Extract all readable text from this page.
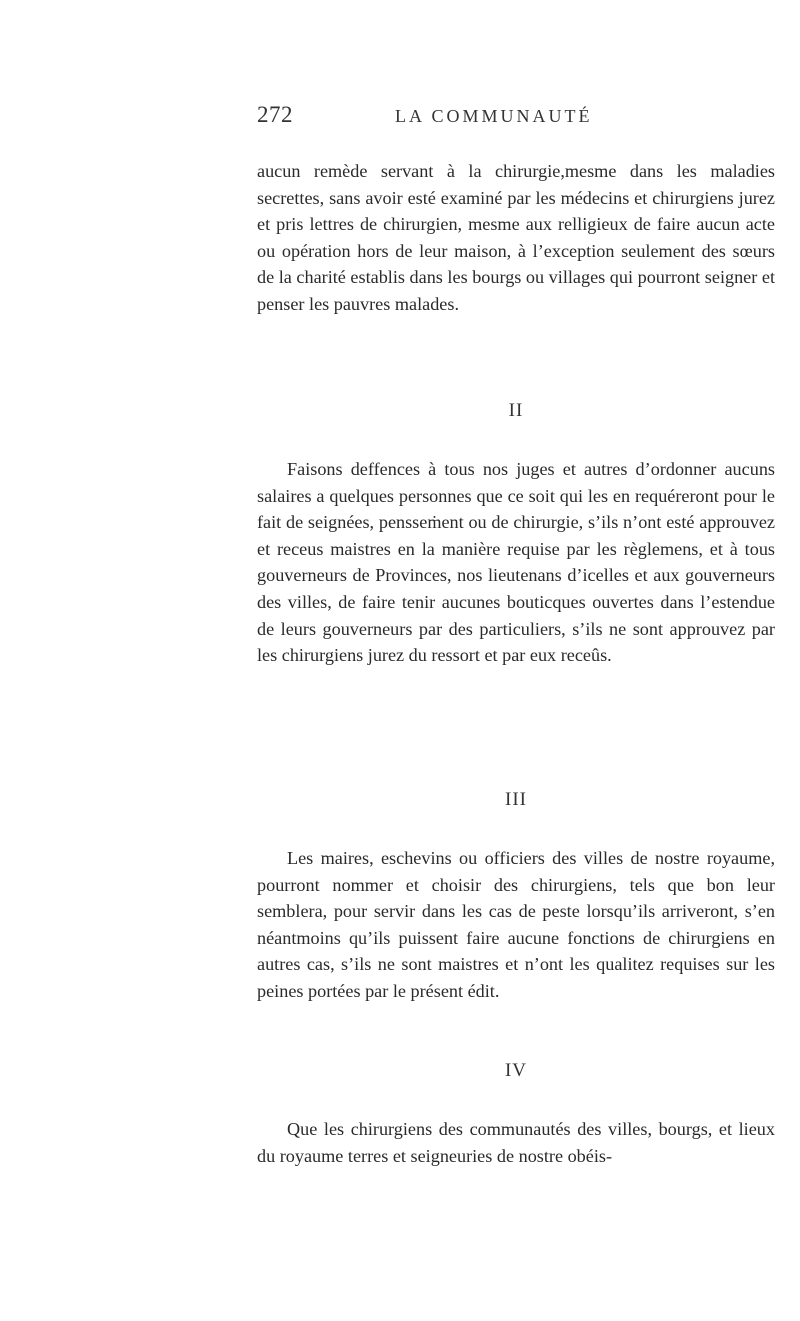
272	LA COMMUNAUTÉ

aucun remède servant à la chirurgie,mesme dans les maladies secrettes, sans avoir esté examiné par les médecins et chirurgiens jurez et pris lettres de chirurgien, mesme aux relligieux de faire aucun acte ou opération hors de leur maison, à l’exception seulement des sœurs de la charité establis dans les bourgs ou villages qui pourront seigner et penser les pauvres malades.

II

Faisons deffences à tous nos juges et autres d’ordonner aucuns salaires a quelques personnes que ce soit qui les en requéreront pour le fait de seignées, pensseṁent ou de chirurgie, s’ils n’ont esté approuvez et receus maistres en la manière requise par les règlemens, et à tous gouverneurs de Provinces, nos lieutenans d’icelles et aux gouverneurs des villes, de faire tenir aucunes bouticques ouvertes dans l’estendue de leurs gouverneurs par des particuliers, s’ils ne sont approuvez par les chirurgiens jurez du ressort et par eux receûs.

III

Les maires, eschevins ou officiers des villes de nostre royaume, pourront nommer et choisir des chirurgiens, tels que bon leur semblera, pour servir dans les cas de peste lorsqu’ils arriveront, s’en néantmoins qu’ils puissent faire aucune fonctions de chirurgiens en autres cas, s’ils ne sont maistres et n’ont les qualitez requises sur les peines portées par le présent édit.

IV

Que les chirurgiens des communautés des villes, bourgs, et lieux du royaume terres et seigneuries de nostre obéis-
